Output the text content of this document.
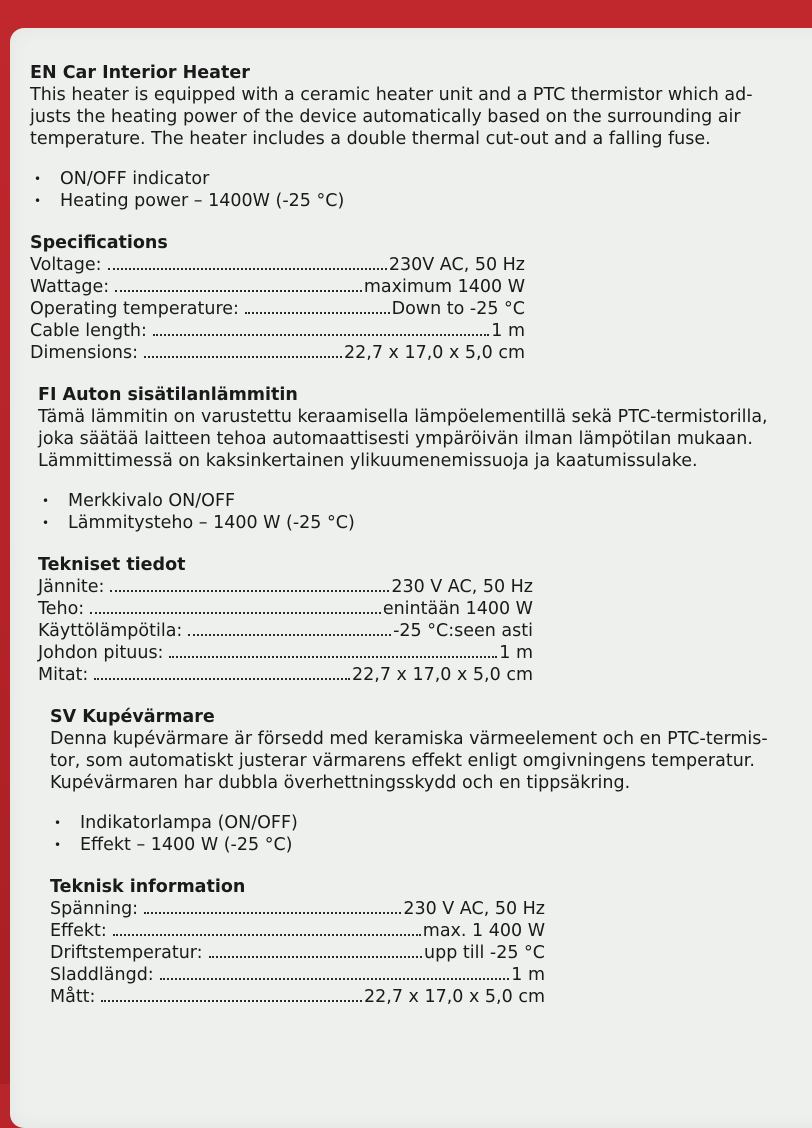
EN Car Interior Heater

This heater is equipped with a ceramic heater unit and a PTC thermistor which ad-

justs the heating power of the device automatically based on the surrounding air

temperature. The heater includes a double thermal cut-out and a falling fuse.

• ON/OFF indicator
• Heating power – 1400W (-25 °C)
Specifications
Voltage:	230V AC, 50 Hz
Wattage:	maximum 1400 W
Operating temperature:	Down to -25 °C
Cable length:	1 m
Dimensions:	22,7 x 17,0 x 5,0 cm
FI Auton sisätilanlämmitin

Tämä lämmitin on varustettu keraamisella lämpöelementillä sekä PTC-termistorilla,

joka säätää laitteen tehoa automaattisesti ympäröivän ilman lämpötilan mukaan.

Lämmittimessä on kaksinkertainen ylikuumenemissuoja ja kaatumissulake.

• Merkkivalo ON/OFF
• Lämmitysteho – 1400 W (-25 °C)
Tekniset tiedot
Jännite:	230 V AC, 50 Hz
Teho:	enintään 1400 W
Käyttölämpötila:	-25 °C:seen asti
Johdon pituus:	1 m
Mitat:	22,7 x 17,0 x 5,0 cm
SV Kupévärmare

Denna kupévärmare är försedd med keramiska värmeelement och en PTC-termis-

tor, som automatiskt justerar värmarens effekt enligt omgivningens temperatur.

Kupévärmaren har dubbla överhettningsskydd och en tippsäkring.

• Indikatorlampa (ON/OFF)
• Effekt – 1400 W (-25 °C)
Teknisk information
Spänning:	230 V AC, 50 Hz
Effekt:	max. 1 400 W
Driftstemperatur:	upp till -25 °C
Sladdlängd:	1 m
Mått:	22,7 x 17,0 x 5,0 cm
